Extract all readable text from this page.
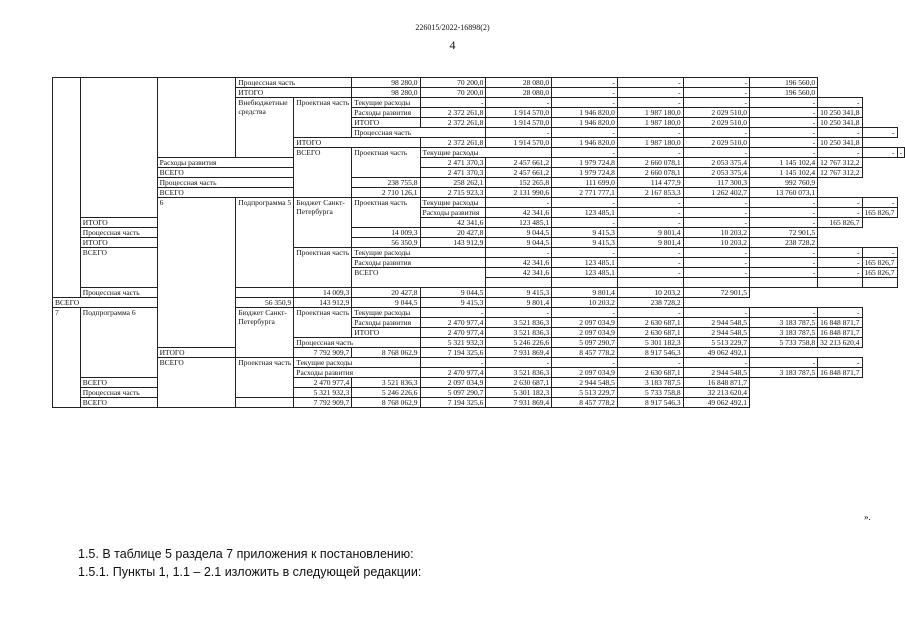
226015/2022-16898(2)
4
			Процессная часть		98 280,0	70 200,0	28 080,0	-	-	-	196 560,0			
			ИТОГО		98 280,0	70 200,0	28 080,0	-	-	-	196 560,0			
			Внебюджетные средства	Проектная часть	Текущие расходы	-	-	-	-	-	-	-		
					Расходы развития	2 372 261,8	1 914 570,0	1 946 820,0	1 987 180,0	2 029 510,0	-	10 250 341,8		
					ИТОГО	2 372 261,8	1 914 570,0	1 946 820,0	1 987 180,0	2 029 510,0	-	10 250 341,8		
					Процессная часть		-	-	-	-	-	-	-	
				ИТОГО		2 372 261,8	1 914 570,0	1 946 820,0	1 987 180,0	2 029 510,0	-	10 250 341,8		
				ВСЕГО	Проектная часть	Текущие расходы		-	-	-	-	-	-	-
		Расходы развития				2 471 370,3	2 457 661,2	1 979 724,8	2 660 078,1	2 053 375,4	1 145 102,4	12 767 312,2		
		ВСЕГО				2 471 370,3	2 457 661,2	1 979 724,8	2 660 078,1	2 053 375,4	1 145 102,4	12 767 312,2		
		Процессная часть			238 755,8	258 262,1	152 265,8	111 699,0	114 477,9	117 300,3	992 760,9			
		ВСЕГО			2 710 126,1	2 715 923,3	2 131 990,6	2 771 777,1	2 167 853,3	1 262 402,7	13 760 073,1			
		6	Подпрограмма 5	Бюджет Санкт-Петербурга	Проектная часть	Текущие расходы	-	-	-	-	-	-	-	
						Расходы развития	42 341,6	123 485,1	-	-	-	-	165 826,7	
	ИТОГО					42 341,6	123 485,1	-	-	-	-	165 826,7		
	Процессная часть				14 009,3	20 427,8	9 044,5	9 415,3	9 801,4	10 203,2	72 901,5			
	ИТОГО				56 350,9	143 912,9	9 044,5	9 415,3	9 801,4	10 203,2	238 728,2			
	ВСЕГО			Проектная часть	Текущие расходы		-	-	-	-	-	-	-	
					Расходы развития		42 341,6	123 485,1	-	-	-	-	165 826,7	
					ВСЕГО		42 341,6	123 485,1	-	-	-	-	165 826,7	

	Процессная часть			14 009,3	20 427,8	9 044,5	9 415,3	9 801,4	10 203,2	72 901,5				
ВСЕГО			56 350,9	143 912,9	9 044,5	9 415,3	9 801,4	10 203,2	238 728,2					
7	Подпрограмма 6		Бюджет Санкт-Петербурга	Проектная часть	Текущие расходы	-	-	-	-	-	-	-		
					Расходы развития	2 470 977,4	3 521 836,3	2 097 034,9	2 630 687,1	2 944 548,5	3 183 787,5	16 848 871,7		
					ИТОГО	2 470 977,4	3 521 836,3	2 097 034,9	2 630 687,1	2 944 548,5	3 183 787,5	16 848 871,7		
				Процессная часть		5 321 932,3	5 246 226,6	5 097 290,7	5 301 182,3	5 513 229,7	5 733 758,8	32 213 620,4		
		ИТОГО		7 792 909,7	8 768 062,9	7 194 325,6	7 931 869,4	8 457 778,2	8 917 546,3	49 062 492,1				
		ВСЕГО	Проектная часть	Текущие расходы		-	-	-	-	-	-	-		
				Расходы развития		2 470 977,4	3 521 836,3	2 097 034,9	2 630 687,1	2 944 548,5	3 183 787,5	16 848 871,7		
	ВСЕГО			2 470 977,4	3 521 836,3	2 097 034,9	2 630 687,1	2 944 548,5	3 183 787,5	16 848 871,7				
	Процессная часть			5 321 932,3	5 246 226,6	5 097 290,7	5 301 182,3	5 513 229,7	5 733 758,8	32 213 620,4				
	ВСЕГО			7 792 909,7	8 768 062,9	7 194 325,6	7 931 869,4	8 457 778,2	8 917 546,3	49 062 492,1				
».
1.5. В таблице 5 раздела 7 приложения к постановлению:
1.5.1. Пункты 1, 1.1 – 2.1 изложить в следующей редакции:
